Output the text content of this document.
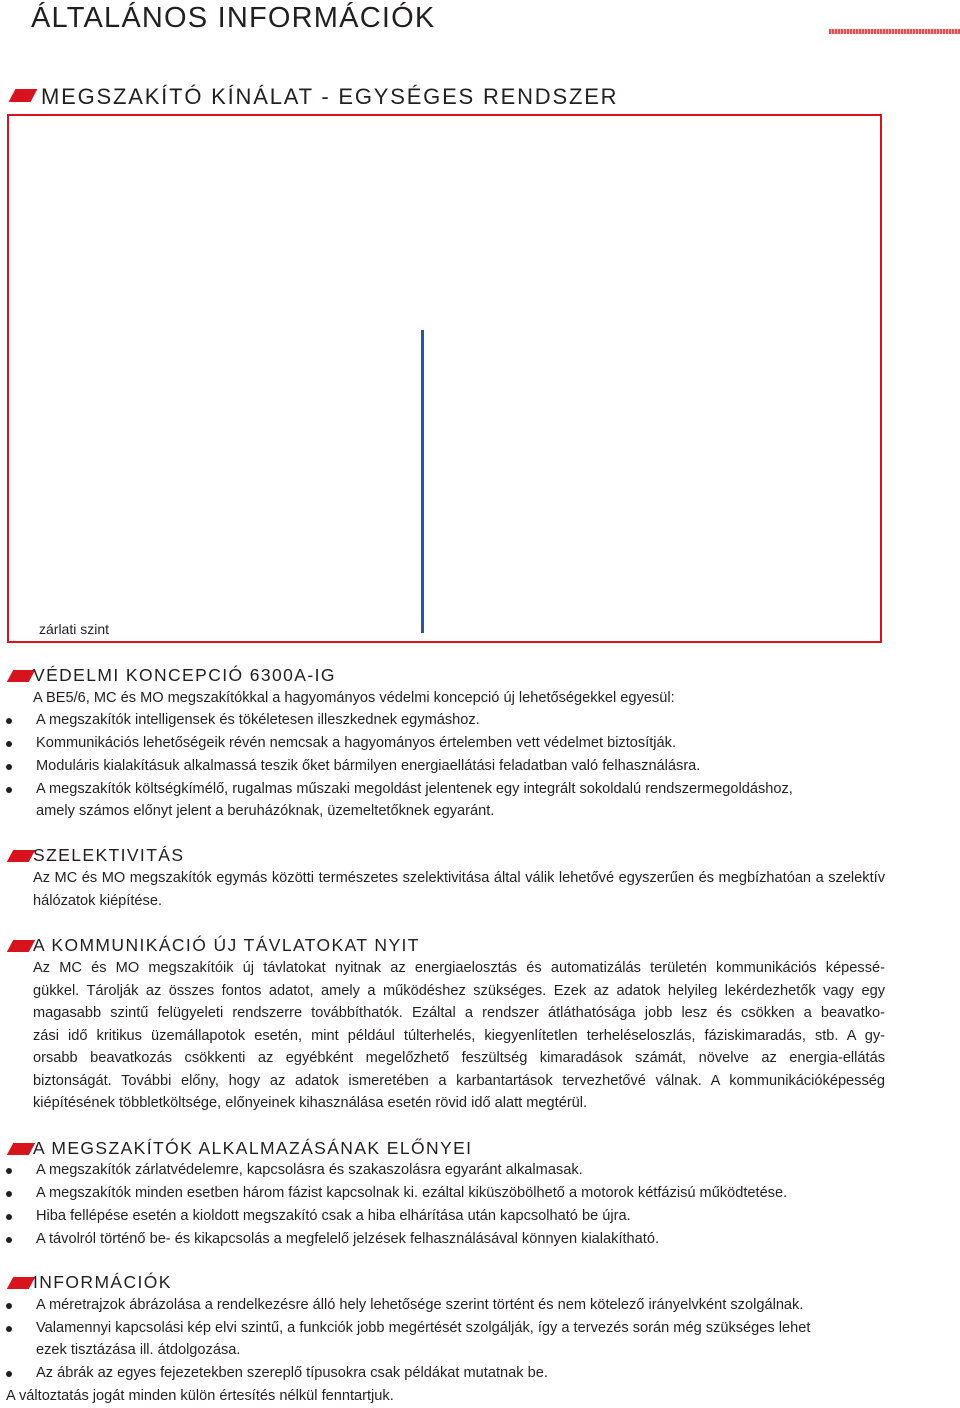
ÁLTALÁNOS INFORMÁCIÓK
MEGSZAKÍTÓ KÍNÁLAT - EGYSÉGES RENDSZER
zárlati szint
VÉDELMI KONCEPCIÓ 6300A-IG
A BE5/6, MC és MO megszakítókkal a hagyományos védelmi koncepció új lehetőségekkel egyesül:
A megszakítók intelligensek és tökéletesen illeszkednek egymáshoz.
Kommunikációs lehetőségeik révén nemcsak a hagyományos értelemben vett védelmet biztosítják.
Moduláris kialakításuk alkalmassá teszik őket bármilyen energiaellátási feladatban való felhasználásra.
A megszakítók költségkímélő, rugalmas műszaki megoldást jelentenek egy integrált sokoldalú rendszermegoldáshoz,
amely számos előnyt jelent a beruházóknak, üzemeltetőknek egyaránt.
SZELEKTIVITÁS
Az MC és MO megszakítók egymás közötti természetes szelektivitása által válik lehetővé egyszerűen és megbízhatóan a szelektív hálózatok kiépítése.
A KOMMUNIKÁCIÓ ÚJ TÁVLATOKAT NYIT
Az MC és MO megszakítóik új távlatokat nyitnak az energiaelosztás és automatizálás területén kommunikációs képessé-
gükkel. Tárolják az összes fontos adatot, amely a működéshez szükséges. Ezek az adatok helyileg lekérdezhetők vagy egy
magasabb szintű felügyeleti rendszerre továbbíthatók. Ezáltal a rendszer átláthatósága jobb lesz és csökken a beavatko-
zási idő kritikus üzemállapotok esetén, mint például túlterhelés, kiegyenlítetlen terheléseloszlás, fáziskimaradás, stb. A gy-
orsabb beavatkozás csökkenti az egyébként megelőzhető feszültség kimaradások számát, növelve az energia-ellátás
biztonságát. További előny, hogy az adatok ismeretében a karbantartások tervezhetővé válnak. A kommunikációképesség
kiépítésének többletköltsége, előnyeinek kihasználása esetén rövid idő alatt megtérül.
A MEGSZAKÍTÓK ALKALMAZÁSÁNAK ELŐNYEI
A megszakítók zárlatvédelemre, kapcsolásra és szakaszolásra egyaránt alkalmasak.
A megszakítók minden esetben három fázist kapcsolnak ki. ezáltal kiküszöbölhető a motorok kétfázisú működtetése.
Hiba fellépése esetén a kioldott megszakító csak a hiba elhárítása után kapcsolható be újra.
A távolról történő be- és kikapcsolás a megfelelő jelzések felhasználásával könnyen kialakítható.
INFORMÁCIÓK
A méretrajzok ábrázolása a rendelkezésre álló hely lehetősége szerint történt és nem kötelező irányelvként szolgálnak.
Valamennyi kapcsolási kép elvi szintű, a funkciók jobb megértését szolgálják, így a tervezés során még szükséges lehet
ezek tisztázása ill. átdolgozása.
Az ábrák az egyes fejezetekben szereplő típusokra csak példákat mutatnak be.
A változtatás jogát minden külön értesítés nélkül fenntartjuk.
